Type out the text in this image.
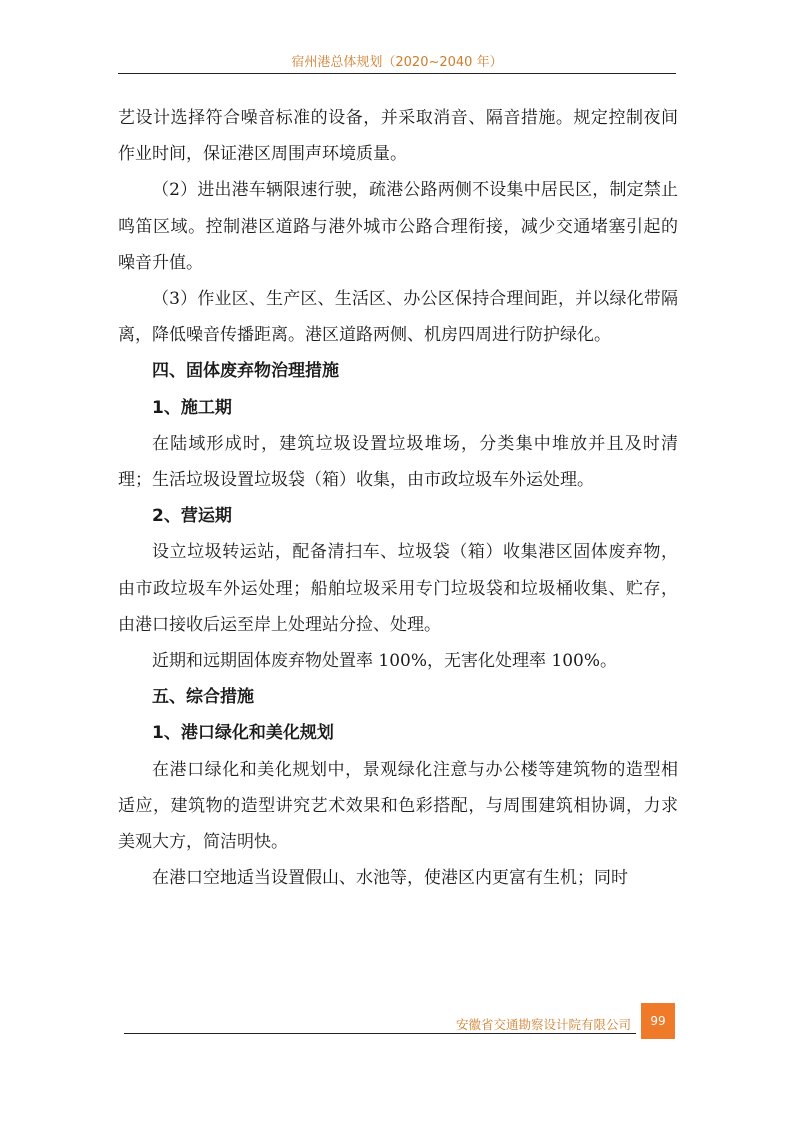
宿州港总体规划（2020~2040 年）

艺设计选择符合噪音标准的设备，并采取消音、隔音措施。规定控制夜间作业时间，保证港区周围声环境质量。

（2）进出港车辆限速行驶，疏港公路两侧不设集中居民区，制定禁止鸣笛区域。控制港区道路与港外城市公路合理衔接，减少交通堵塞引起的噪音升值。

（3）作业区、生产区、生活区、办公区保持合理间距，并以绿化带隔离，降低噪音传播距离。港区道路两侧、机房四周进行防护绿化。

四、固体废弃物治理措施

1、施工期

在陆域形成时，建筑垃圾设置垃圾堆场，分类集中堆放并且及时清理；生活垃圾设置垃圾袋（箱）收集，由市政垃圾车外运处理。

2、营运期

设立垃圾转运站，配备清扫车、垃圾袋（箱）收集港区固体废弃物，由市政垃圾车外运处理；船舶垃圾采用专门垃圾袋和垃圾桶收集、贮存，由港口接收后运至岸上处理站分捡、处理。

近期和远期固体废弃物处置率 100%，无害化处理率 100%。

五、综合措施

1、港口绿化和美化规划

在港口绿化和美化规划中，景观绿化注意与办公楼等建筑物的造型相适应，建筑物的造型讲究艺术效果和色彩搭配，与周围建筑相协调，力求美观大方，简洁明快。

在港口空地适当设置假山、水池等，使港区内更富有生机；同时

安徽省交通勘察设计院有限公司	99
